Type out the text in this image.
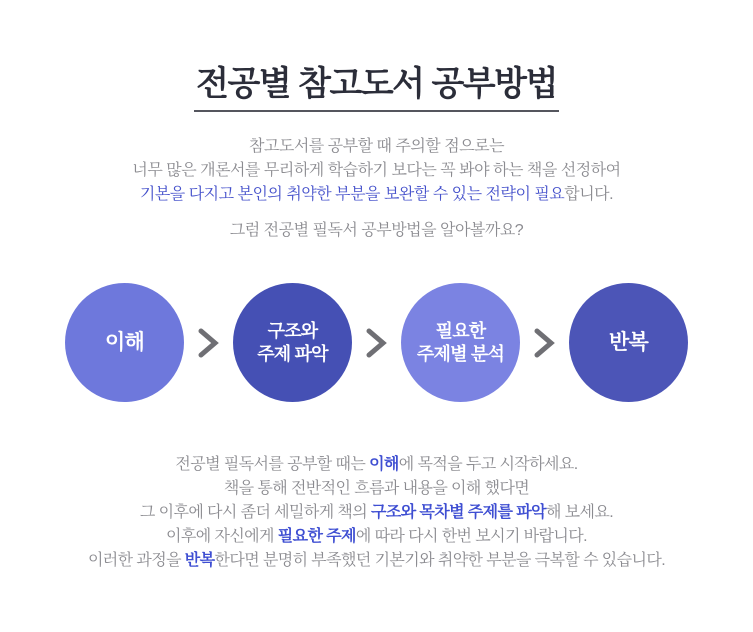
전공별 참고도서 공부방법
참고도서를 공부할 때 주의할 점으로는
너무 많은 개론서를 무리하게 학습하기 보다는 꼭 봐야 하는 책을 선정하여
기본을 다지고 본인의 취약한 부분을 보완할 수 있는 전략이 필요합니다.
그럼 전공별 필독서 공부방법을 알아볼까요?
이해	구조와
주제 파악
필요한
주제별 분석	반복
전공별 필독서를 공부할 때는 이해에 목적을 두고 시작하세요.
책을 통해 전반적인 흐름과 내용을 이해 했다면
그 이후에 다시 좀더 세밀하게 책의 구조와 목차별 주제를 파악해 보세요.
이후에 자신에게 필요한 주제에 따라 다시 한번 보시기 바랍니다.
이러한 과정을 반복한다면 분명히 부족했던 기본기와 취약한 부분을 극복할 수 있습니다.
